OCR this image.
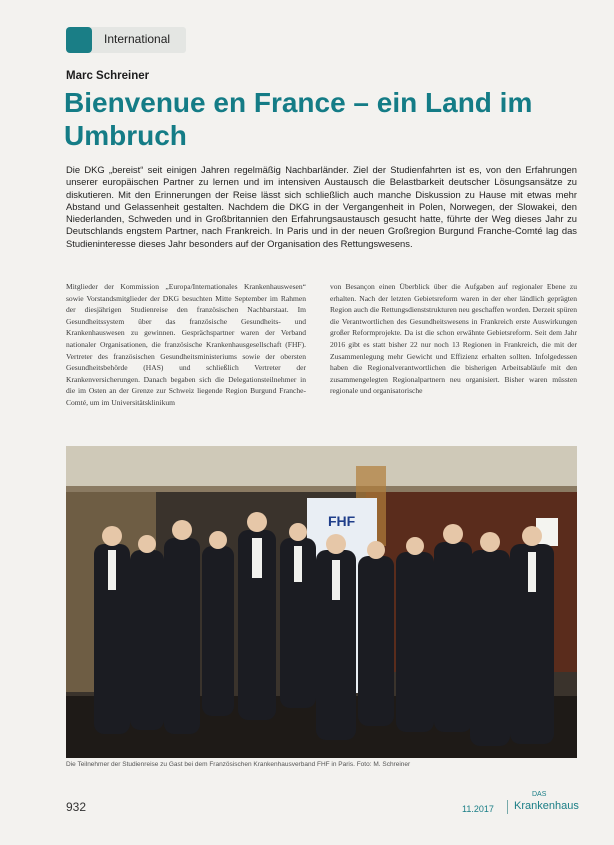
International
Marc Schreiner
Bienvenue en France – ein Land im Umbruch

Die DKG „bereist“ seit einigen Jahren regelmäßig Nachbarländer. Ziel der Studienfahrten ist es, von den Erfahrungen unserer europäischen Partner zu lernen und im intensiven Austausch die Belastbarkeit deutscher Lösungsansätze zu diskutieren. Mit den Erinnerungen der Reise lässt sich schließlich auch manche Diskussion zu Hause mit etwas mehr Abstand und Gelassenheit gestalten. Nachdem die DKG in der Vergangenheit in Polen, Norwegen, der Slowakei, den Niederlanden, Schweden und in Großbritannien den Erfahrungsaustausch gesucht hatte, führte der Weg dieses Jahr zu Deutschlands engstem Partner, nach Frankreich. In Paris und in der neuen Großregion Burgund Franche-Comté lag das Studieninteresse dieses Jahr besonders auf der Organisation des Rettungswesens.

Mitglieder der Kommission „Europa/Internationales Krankenhauswesen“ sowie Vorstandsmitglieder der DKG besuchten Mitte September im Rahmen der diesjährigen Studienreise den französischen Nachbarstaat. Im Gesundheitssystem über das französische Gesundheits- und Krankenhauswesen zu gewinnen. Gesprächspartner waren der Verband nationaler Organisationen, die französische Krankenhausgesellschaft (FHF). Vertreter des französischen Gesundheitsministeriums sowie der obersten Gesundheitsbehörde (HAS) und schließlich Vertreter der Krankenversicherungen. Danach begaben sich die Delegationsteilnehmer in die im Osten an der Grenze zur Schweiz liegende Region Burgund Franche-Comté, um im Universitätsklinikum

von Besançon einen Überblick über die Aufgaben auf regionaler Ebene zu erhalten. Nach der letzten Gebietsreform waren in der eher ländlich geprägten Region auch die Rettungsdienststrukturen neu geschaffen worden. Derzeit spüren die Verantwortlichen des Gesundheitswesens in Frankreich erste Auswirkungen großer Reformprojekte. Da ist die schon erwähnte Gebietsreform. Seit dem Jahr 2016 gibt es statt bisher 22 nur noch 13 Regionen in Frankreich, die mit der Zusammenlegung mehr Gewicht und Effizienz erhalten sollten. Infolgedessen haben die Regionalverantwortlichen die bisherigen Arbeitsabläufe mit den zusammengelegten Regionalpartnern neu organisiert. Bisher waren müssten regionale und organisatorische

FHF

Die Teilnehmer der Studienreise zu Gast bei dem Französischen Krankenhausverband FHF in Paris. Foto: M. Schreiner

932	11.2017
DAS
Krankenhaus
